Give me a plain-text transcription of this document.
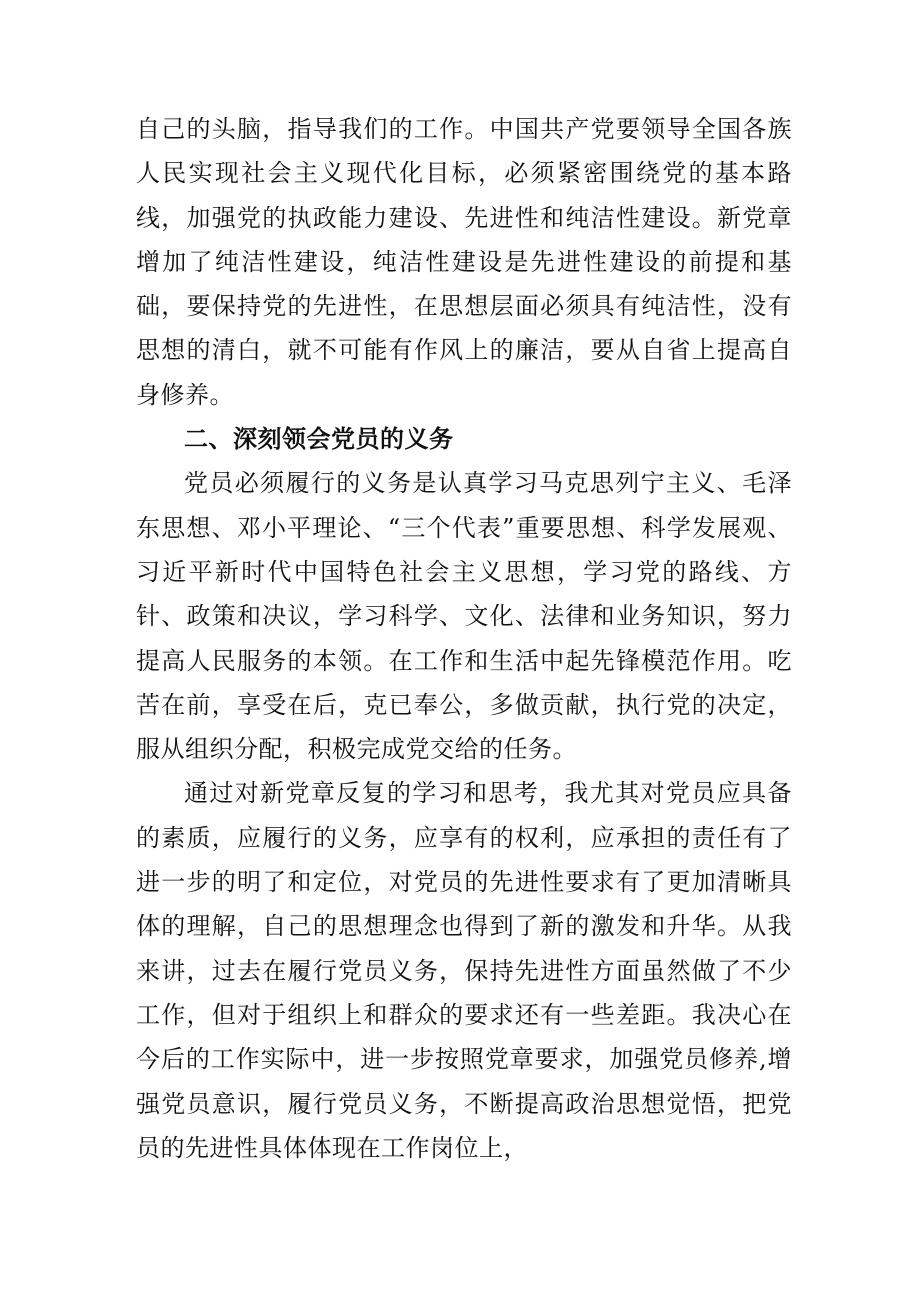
自己的头脑，指导我们的工作。中国共产党要领导全国各族人民实现社会主义现代化目标，必须紧密围绕党的基本路线，加强党的执政能力建设、先进性和纯洁性建设。新党章增加了纯洁性建设，纯洁性建设是先进性建设的前提和基础，要保持党的先进性，在思想层面必须具有纯洁性，没有思想的清白，就不可能有作风上的廉洁，要从自省上提高自身修养。

二、深刻领会党员的义务

党员必须履行的义务是认真学习马克思列宁主义、毛泽东思想、邓小平理论、“三个代表”重要思想、科学发展观、习近平新时代中国特色社会主义思想，学习党的路线、方针、政策和决议，学习科学、文化、法律和业务知识，努力提高人民服务的本领。在工作和生活中起先锋模范作用。吃苦在前，享受在后，克已奉公，多做贡献，执行党的决定，服从组织分配，积极完成党交给的任务。

通过对新党章反复的学习和思考，我尤其对党员应具备的素质，应履行的义务，应享有的权利，应承担的责任有了进一步的明了和定位，对党员的先进性要求有了更加清晰具体的理解，自己的思想理念也得到了新的激发和升华。从我来讲，过去在履行党员义务，保持先进性方面虽然做了不少工作，但对于组织上和群众的要求还有一些差距。我决心在今后的工作实际中，进一步按照党章要求，加强党员修养,增强党员意识，履行党员义务，不断提高政治思想觉悟，把党员的先进性具体体现在工作岗位上，
